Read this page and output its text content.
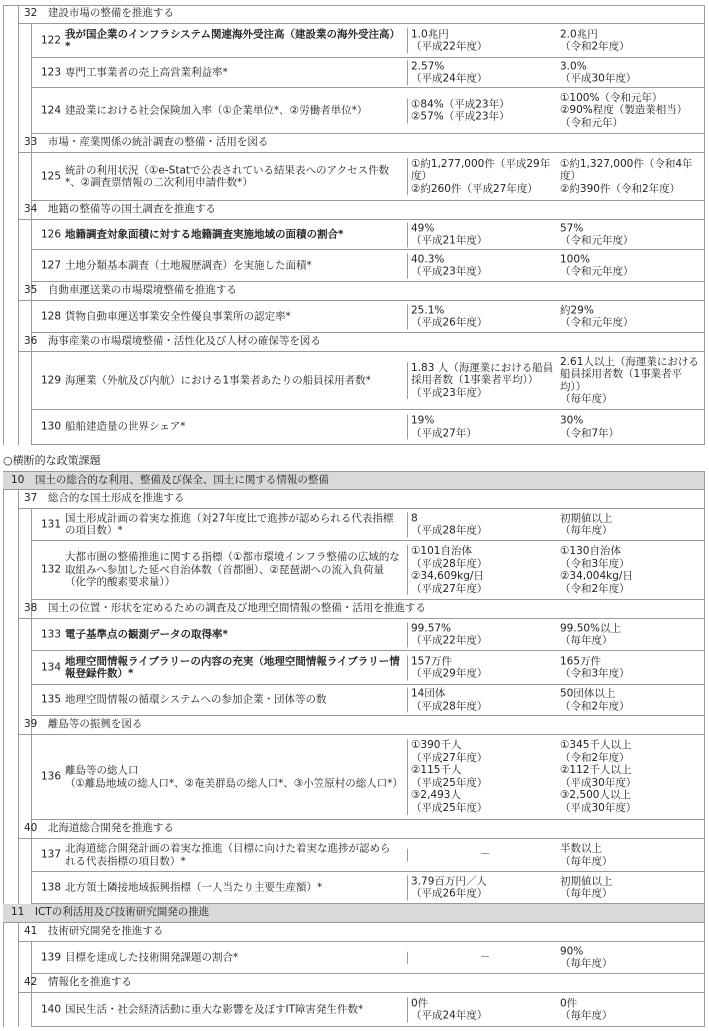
32　建設市場の整備を推進する
122
我が国企業のインフラシステム関連海外受注高（建設業の海外受注高）*
1.0兆円
（平成22年度）
2.0兆円
（令和2年度）
123 専門工事業者の売上高営業利益率*
2.57%
（平成24年度）
3.0%
（平成30年度）
124 建設業における社会保険加入率（①企業単位*、②労働者単位*）
①84%（平成23年）
②57%（平成23年）
①100%（令和元年）
②90%程度（製造業相当）
（令和元年）
33　市場・産業関係の統計調査の整備・活用を図る
125
統計の利用状況（①e-Statで公表されている結果表へのアクセス件数*、②調査票情報の二次利用申請件数*）
①約1,277,000件（平成29年度）
②約260件（平成27年度）
①約1,327,000件（令和4年度）
②約390件（令和2年度）
34　地籍の整備等の国土調査を推進する
126 地籍調査対象面積に対する地籍調査実施地域の面積の割合*
49%
（平成21年度）
57%
（令和元年度）
127 土地分類基本調査（土地履歴調査）を実施した面積*
40.3%
（平成23年度）
100%
（令和元年度）
35　自動車運送業の市場環境整備を推進する
128 貨物自動車運送事業安全性優良事業所の認定率*
25.1%
（平成26年度）
約29%
（令和元年度）
36　海事産業の市場環境整備・活性化及び人材の確保等を図る
129 海運業（外航及び内航）における1事業者あたりの船員採用者数*
1.83 人（海運業における船員採用者数（1事業者平均））
（平成23年度）
2.61人以上（海運業における船員採用者数（1事業者平均））
（毎年度）
130 船舶建造量の世界シェア*
19%
（平成27年）
30%
（令和7年）
○横断的な政策課題
10　国土の総合的な利用、整備及び保全、国土に関する情報の整備
37　総合的な国土形成を推進する
131
国土形成計画の着実な推進（対27年度比で進捗が認められる代表指標の項目数）*
8
（平成28年度）
初期値以上
（毎年度）
132
大都市圏の整備推進に関する指標（①都市環境インフラ整備の広域的な取組みへ参加した延べ自治体数（首都圏）、②琵琶湖への流入負荷量（化学的酸素要求量））
①101自治体
（平成28年度）
②34,609kg/日
（平成27年度）
①130自治体
（令和3年度）
②34,004kg/日
（令和2年度）
38　国土の位置・形状を定めるための調査及び地理空間情報の整備・活用を推進する
133 電子基準点の観測データの取得率*
99.57%
（平成22年度）
99.50%以上
（毎年度）
134
地理空間情報ライブラリーの内容の充実（地理空間情報ライブラリー情報登録件数）*
157万件
（平成29年度）
165万件
（令和3年度）
135 地理空間情報の循環システムへの参加企業・団体等の数
14団体
（平成28年度）
50団体以上
（令和2年度）
39　離島等の振興を図る
136
離島等の総人口
（①離島地域の総人口*、②奄美群島の総人口*、③小笠原村の総人口*）
①390千人
（平成27年度）
②115千人
（平成25年度）
③2,493人
（平成25年度）
①345千人以上
（令和2年度）
②112千人以上
（平成30年度）
③2,500人以上
（平成30年度）
40　北海道総合開発を推進する
137
北海道総合開発計画の着実な推進（目標に向けた着実な進捗が認められる代表指標の項目数）*
－
半数以上
（毎年度）
138 北方領土隣接地域振興指標（一人当たり主要生産額）*
3.79百万円／人
（平成26年度）
初期値以上
（毎年度）
11　ICTの利活用及び技術研究開発の推進
41　技術研究開発を推進する
139 目標を達成した技術開発課題の割合*	－
90%
（毎年度）
42　情報化を推進する
140 国民生活・社会経済活動に重大な影響を及ぼすIT障害発生件数*
0件
（平成24年度）
0件
（毎年度）
